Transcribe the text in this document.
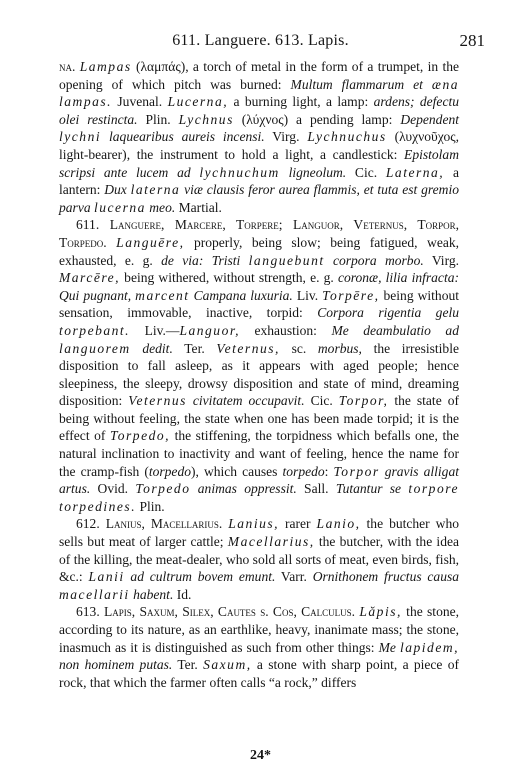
611. Languere. 613. Lapis.	281

na. Lampas (λαμπάς), a torch of metal in the form of a trumpet, in the opening of which pitch was burned: Multum flammarum et æna lampas. Juvenal. Lucerna, a burning light, a lamp: ardens; defectu olei restincta. Plin. Lychnus (λύχνος) a pending lamp: Dependent lychni laquearibus aureis incensi. Virg. Lychnuchus (λυχνοῦχος, light-bearer), the instrument to hold a light, a candlestick: Epistolam scripsi ante lucem ad lychnuchum ligneolum. Cic. Laterna, a lantern: Dux laterna viæ clausis feror aurea flammis, et tuta est gremio parva lucerna meo. Martial.

611. Languere, Marcere, Torpere; Languor, Veternus, Torpor, Torpedo. Languēre, properly, being slow; being fatigued, weak, exhausted, e. g. de via: Tristi languebunt corpora morbo. Virg. Marcēre, being withered, without strength, e. g. coronæ, lilia infracta: Qui pugnant, marcent Campana luxuria. Liv. Torpēre, being without sensation, immovable, inactive, torpid: Corpora rigentia gelu torpebant. Liv.—Languor, exhaustion: Me deambulatio ad languorem dedit. Ter. Veternus, sc. morbus, the irresistible disposition to fall asleep, as it appears with aged people; hence sleepiness, the sleepy, drowsy disposition and state of mind, dreaming disposition: Veternus civitatem occupavit. Cic. Torpor, the state of being without feeling, the state when one has been made torpid; it is the effect of Torpedo, the stiffening, the torpidness which befalls one, the natural inclination to inactivity and want of feeling, hence the name for the cramp-fish (torpedo), which causes torpedo: Torpor gravis alligat artus. Ovid. Torpedo animas oppressit. Sall. Tutantur se torpore torpedines. Plin.

612. Lanius, Macellarius. Lanius, rarer Lanio, the butcher who sells but meat of larger cattle; Macellarius, the butcher, with the idea of the killing, the meat-dealer, who sold all sorts of meat, even birds, fish, &c.: Lanii ad cultrum bovem emunt. Varr. Ornithonem fructus causa macellarii habent. Id.

613. Lapis, Saxum, Silex, Cautes s. Cos, Calculus. Lăpis, the stone, according to its nature, as an earthlike, heavy, inanimate mass; the stone, inasmuch as it is distinguished as such from other things: Me lapidem, non hominem putas. Ter. Saxum, a stone with sharp point, a piece of rock, that which the farmer often calls “a rock,” differs

24*
